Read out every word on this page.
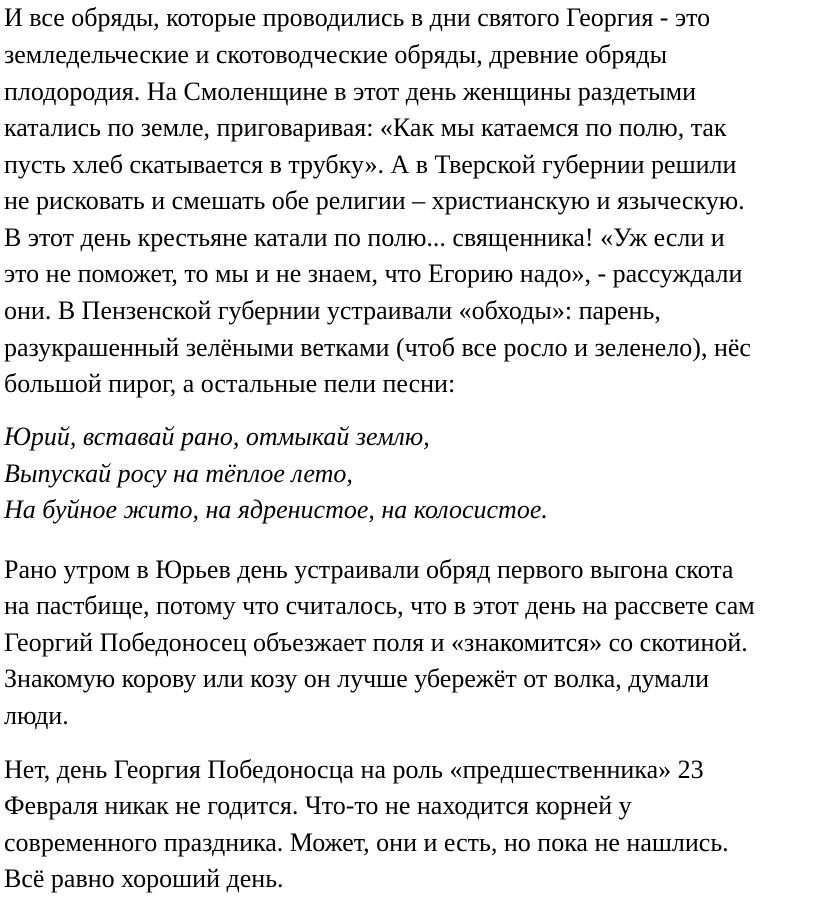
И все обряды, которые проводились в дни святого Георгия - это
земледельческие и скотоводческие обряды, древние обряды
плодородия. На Смоленщине в этот день женщины раздетыми
катались по земле, приговаривая: «Как мы катаемся по полю, так
пусть хлеб скатывается в трубку». А в Тверской губернии решили
не рисковать и смешать обе религии – христианскую и языческую.
В этот день крестьяне катали по полю... священника! «Уж если и
это не поможет, то мы и не знаем, что Егорию надо», - рассуждали
они. В Пензенской губернии устраивали «обходы»: парень,
разукрашенный зелёными ветками (чтоб все росло и зеленело), нёс
большой пирог, а остальные пели песни:
Юрий, вставай рано, отмыкай землю,
Выпускай росу на тёплое лето,
На буйное жито, на ядренистое, на колосистое.
Рано утром в Юрьев день устраивали обряд первого выгона скота
на пастбище, потому что считалось, что в этот день на рассвете сам
Георгий Победоносец объезжает поля и «знакомится» со скотиной.
Знакомую корову или козу он лучше убережёт от волка, думали
люди.
Нет, день Георгия Победоносца на роль «предшественника» 23
Февраля никак не годится. Что-то не находится корней у
современного праздника. Может, они и есть, но пока не нашлись.
Всё равно хороший день.
